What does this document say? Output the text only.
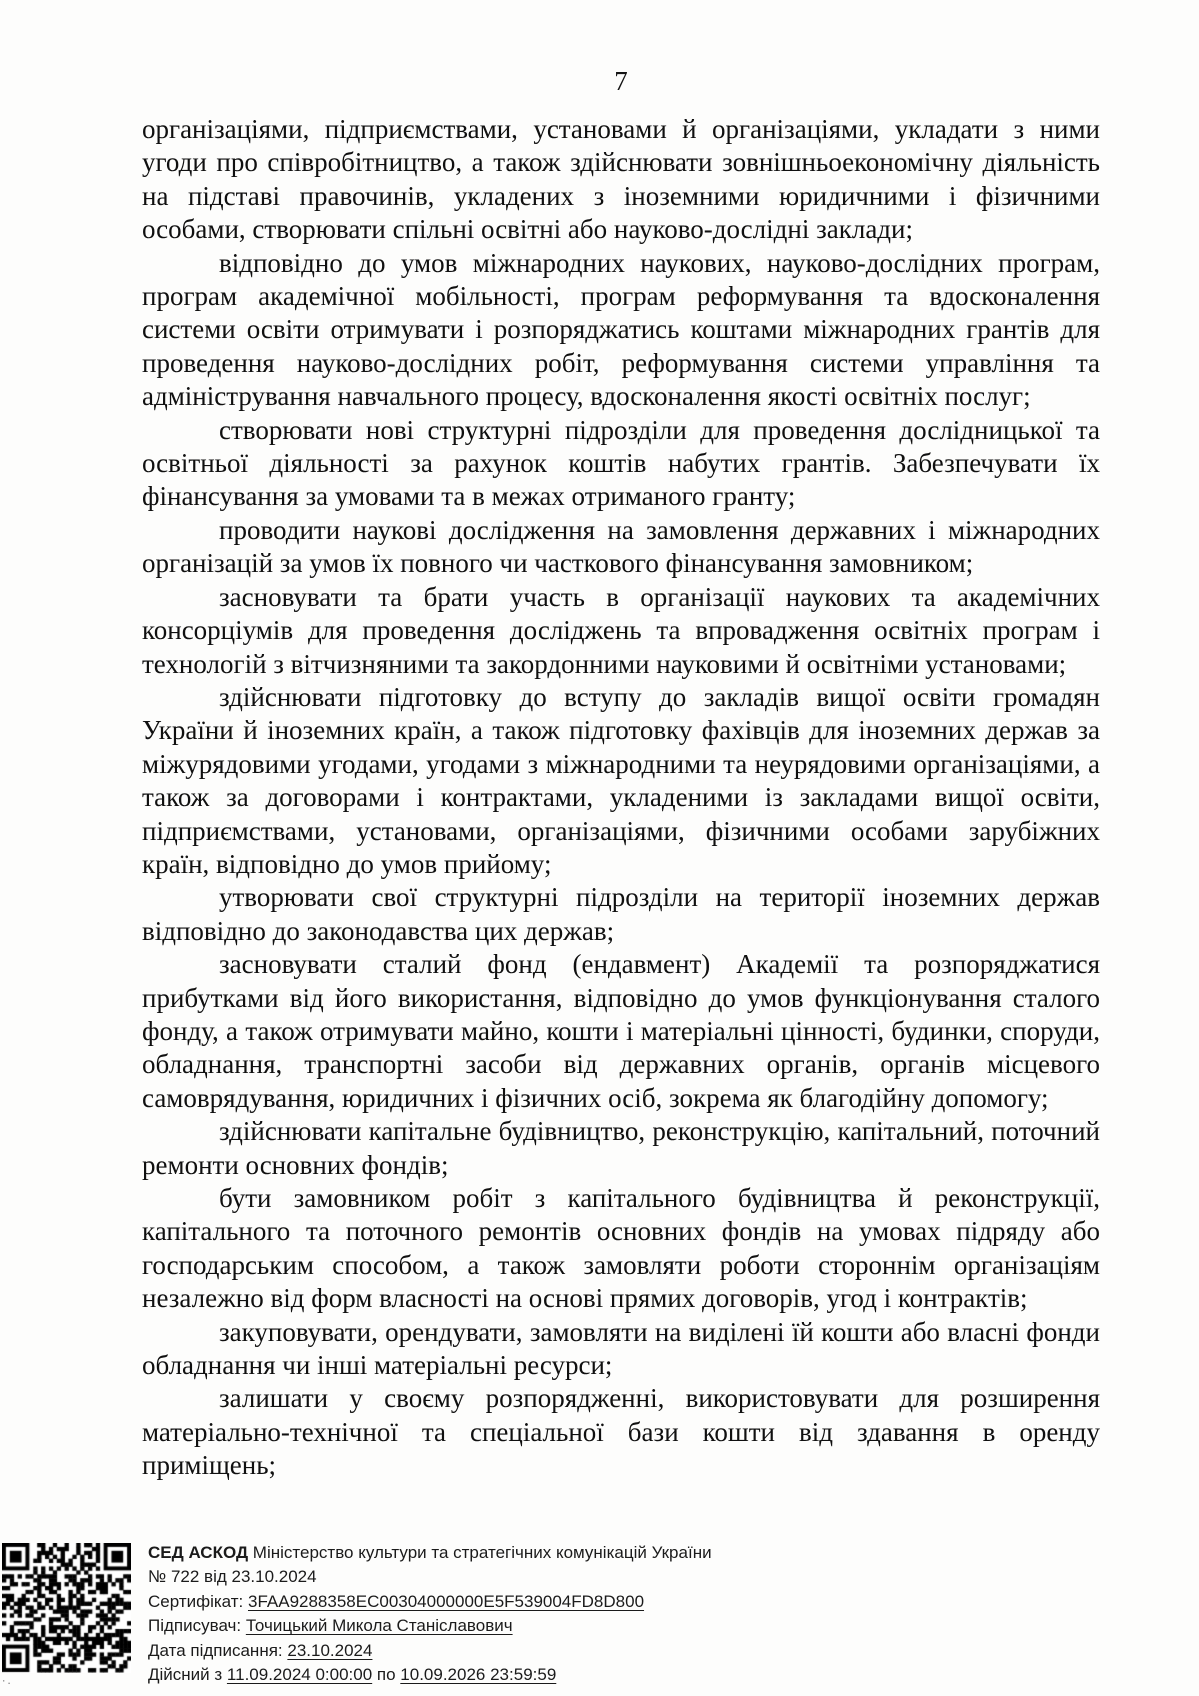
7

організаціями, підприємствами, установами й організаціями, укладати з ними угоди про співробітництво, а також здійснювати зовнішньоекономічну діяльність на підставі правочинів, укладених з іноземними юридичними і фізичними особами, створювати спільні освітні або науково-дослідні заклади;

відповідно до умов міжнародних наукових, науково-дослідних програм, програм академічної мобільності, програм реформування та вдосконалення системи освіти отримувати і розпоряджатись коштами міжнародних грантів для проведення науково-дослідних робіт, реформування системи управління та адміністрування навчального процесу, вдосконалення якості освітніх послуг;

створювати нові структурні підрозділи для проведення дослідницької та освітньої діяльності за рахунок коштів набутих грантів. Забезпечувати їх фінансування за умовами та в межах отриманого гранту;

проводити наукові дослідження на замовлення державних і міжнародних організацій за умов їх повного чи часткового фінансування замовником;

засновувати та брати участь в організації наукових та академічних консорціумів для проведення досліджень та впровадження освітніх програм і технологій з вітчизняними та закордонними науковими й освітніми установами;

здійснювати підготовку до вступу до закладів вищої освіти громадян України й іноземних країн, а також підготовку фахівців для іноземних держав за міжурядовими угодами, угодами з міжнародними та неурядовими організаціями, а також за договорами і контрактами, укладеними із закладами вищої освіти, підприємствами, установами, організаціями, фізичними особами зарубіжних країн, відповідно до умов прийому;

утворювати свої структурні підрозділи на території іноземних держав відповідно до законодавства цих держав;

засновувати сталий фонд (ендавмент) Академії та розпоряджатися прибутками від його використання, відповідно до умов функціонування сталого фонду, а також отримувати майно, кошти і матеріальні цінності, будинки, споруди, обладнання, транспортні засоби від державних органів, органів місцевого самоврядування, юридичних і фізичних осіб, зокрема як благодійну допомогу;

здійснювати капітальне будівництво, реконструкцію, капітальний, поточний ремонти основних фондів;

бути замовником робіт з капітального будівництва й реконструкції, капітального та поточного ремонтів основних фондів на умовах підряду або господарським способом, а також замовляти роботи стороннім організаціям незалежно від форм власності на основі прямих договорів, угод і контрактів;

закуповувати, орендувати, замовляти на виділені їй кошти або власні фонди обладнання чи інші матеріальні ресурси;

залишати у своєму розпорядженні, використовувати для розширення матеріально-технічної та спеціальної бази кошти від здавання в оренду приміщень;

·.
СЕД АСКОД Міністерство культури та стратегічних комунікацій України
№ 722 від 23.10.2024
Сертифікат: 3FAA9288358EC00304000000E5F539004FD8D800
Підписувач: Точицький Микола Станіславович
Дата підписання: 23.10.2024
Дійсний з 11.09.2024 0:00:00 по 10.09.2026 23:59:59
